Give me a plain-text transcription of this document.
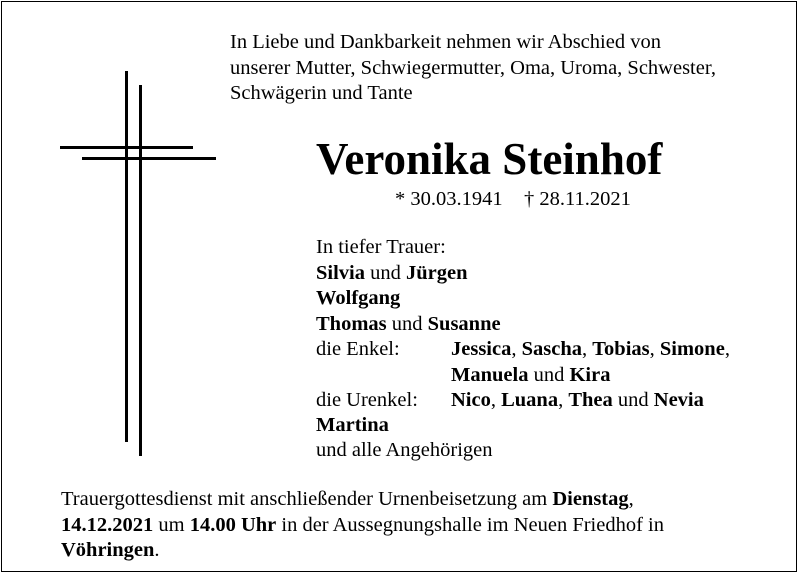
In Liebe und Dankbarkeit nehmen wir Abschied von
unserer Mutter, Schwiegermutter, Oma, Uroma, Schwester,
Schwägerin und Tante
Veronika Steinhof
* 30.03.1941 † 28.11.2021
In tiefer Trauer:
Silvia und Jürgen
Wolfgang
Thomas und Susanne
die Enkel:	Jessica, Sascha, Tobias, Simone,
Manuela und Kira
die Urenkel: Nico, Luana, Thea und Nevia
Martina
und alle Angehörigen
Trauergottesdienst mit anschließender Urnenbeisetzung am Dienstag,
14.12.2021 um 14.00 Uhr in der Aussegnungshalle im Neuen Friedhof in
Vöhringen.
